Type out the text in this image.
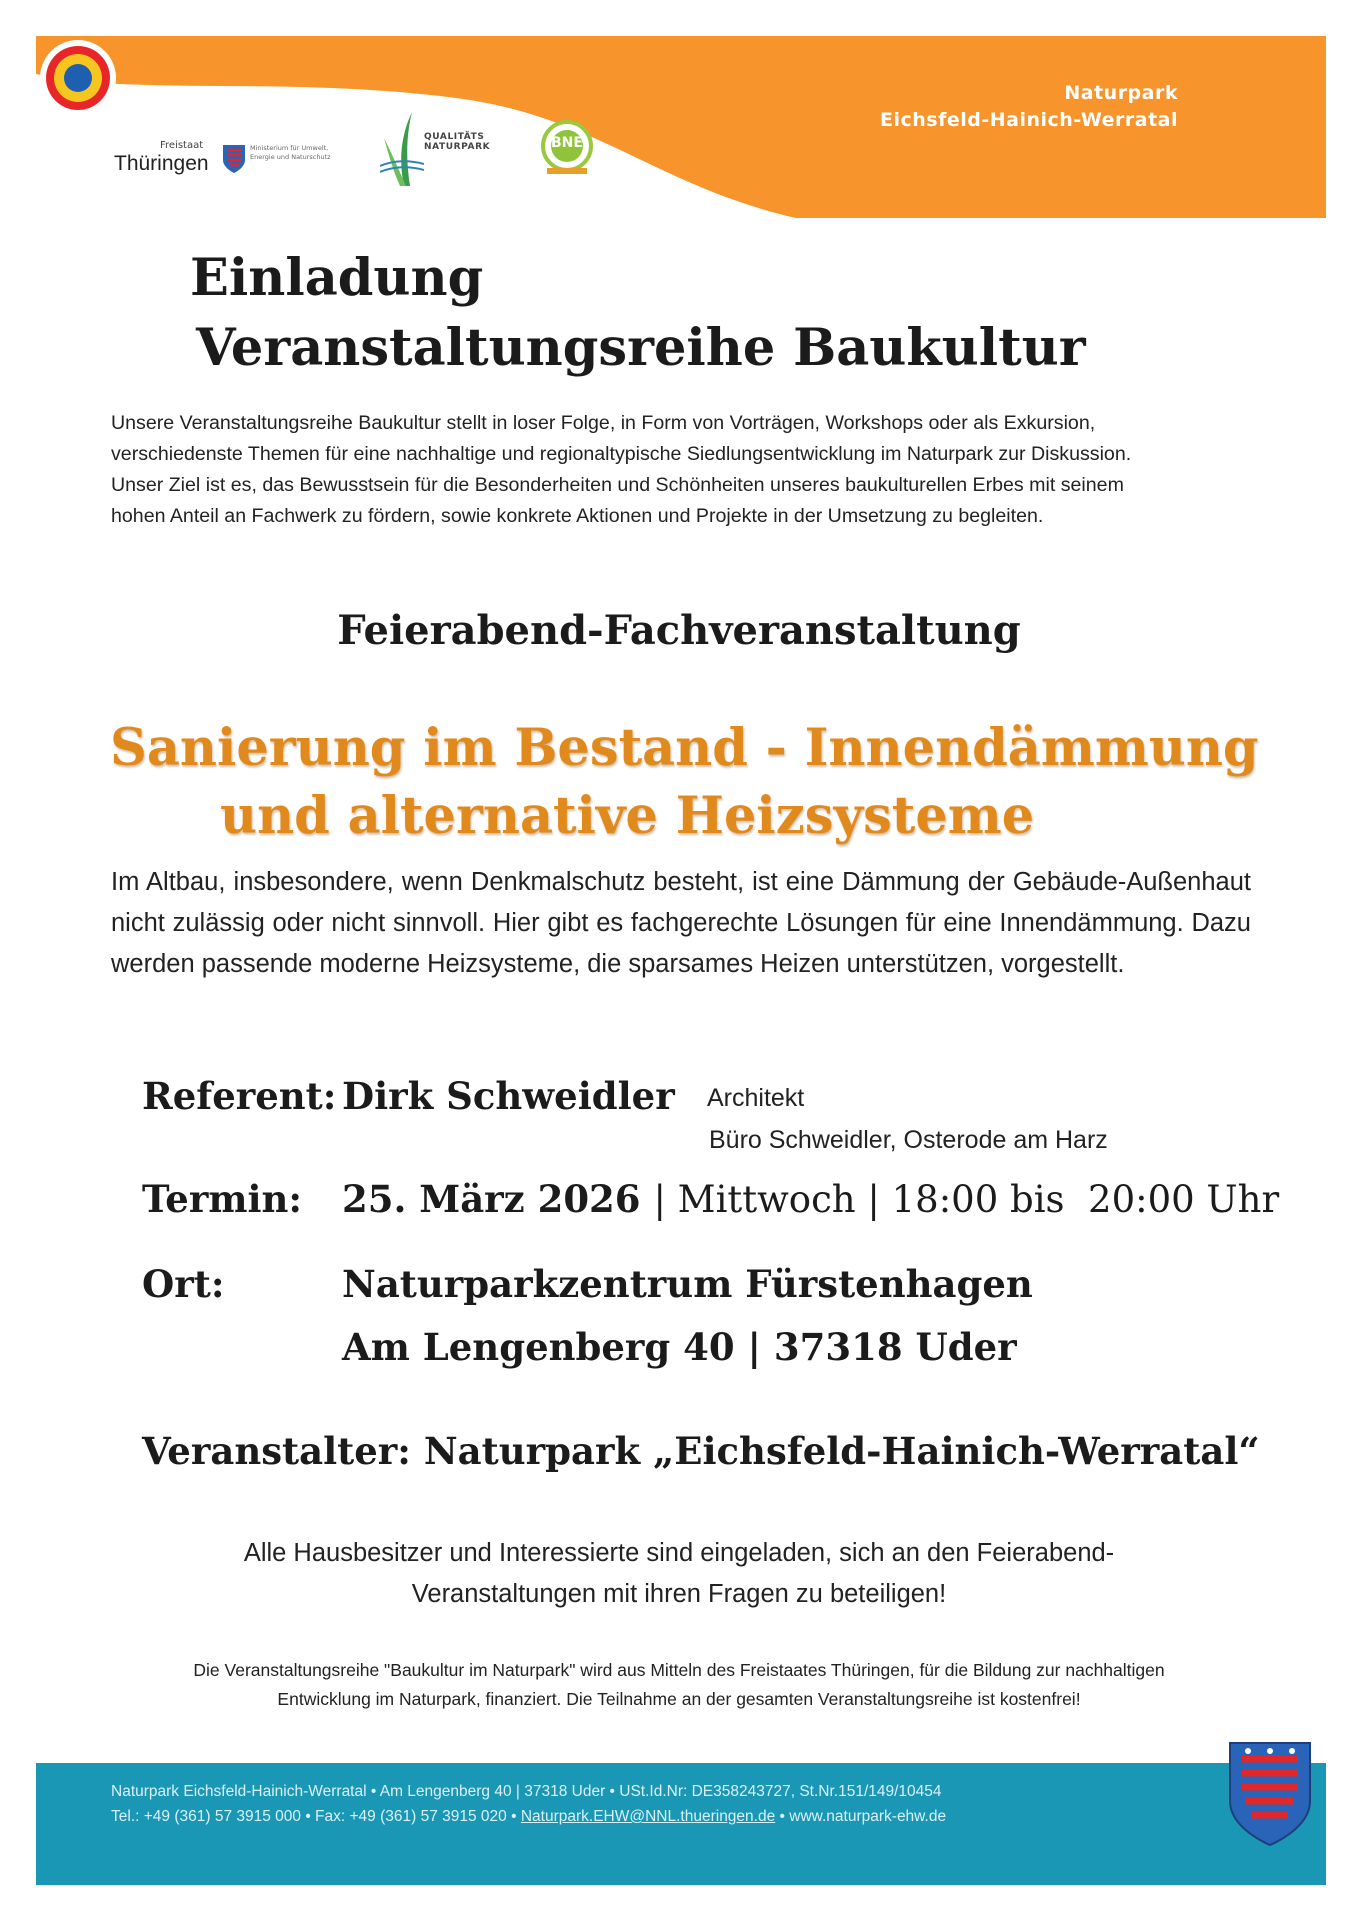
Naturpark
Eichsfeld-Hainich-Werratal
Freistaat
Thüringen
Ministerium für Umwelt, Energie und Naturschutz
QUALITÄTS
NATURPARK	BNE
Einladung
Veranstaltungsreihe Baukultur
Unsere Veranstaltungsreihe Baukultur stellt in loser Folge, in Form von Vorträgen, Workshops oder als Exkursion,
verschiedenste Themen für eine nachhaltige und regionaltypische Siedlungsentwicklung im Naturpark zur Diskussion.
Unser Ziel ist es, das Bewusstsein für die Besonderheiten und Schönheiten unseres baukulturellen Erbes mit seinem
hohen Anteil an Fachwerk zu fördern, sowie konkrete Aktionen und Projekte in der Umsetzung zu begleiten.
Feierabend-Fachveranstaltung
Sanierung im Bestand - Innendämmung
und alternative Heizsysteme
Im Altbau, insbesondere, wenn Denkmalschutz besteht, ist eine Dämmung der Gebäude-Außenhaut nicht zulässig oder nicht sinnvoll. Hier gibt es fachgerechte Lösungen für eine Innendämmung. Dazu werden passende moderne Heizsysteme, die sparsames Heizen unterstützen, vorgestellt.
Referent: Dirk Schweidler Architekt
Büro Schweidler, Osterode am Harz
Termin: 25. März 2026 | Mittwoch | 18:00 bis  20:00 Uhr
Ort:	Naturparkzentrum Fürstenhagen
Am Lengenberg 40 | 37318 Uder
Veranstalter: Naturpark „Eichsfeld-Hainich-Werratal“
Alle Hausbesitzer und Interessierte sind eingeladen, sich an den Feierabend-
Veranstaltungen mit ihren Fragen zu beteiligen!
Die Veranstaltungsreihe "Baukultur im Naturpark" wird aus Mitteln des Freistaates Thüringen, für die Bildung zur nachhaltigen
Entwicklung im Naturpark, finanziert. Die Teilnahme an der gesamten Veranstaltungsreihe ist kostenfrei!
Naturpark Eichsfeld-Hainich-Werratal • Am Lengenberg 40 | 37318 Uder • USt.Id.Nr: DE358243727, St.Nr.151/149/10454
Tel.: +49 (361) 57 3915 000 • Fax: +49 (361) 57 3915 020 • Naturpark.EHW@NNL.thueringen.de • www.naturpark-ehw.de
